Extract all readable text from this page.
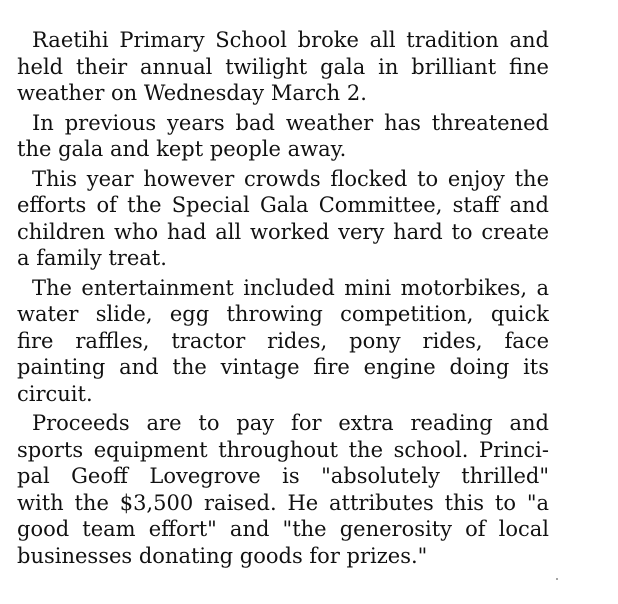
Raetihi Primary School broke all tradition and
held their annual twilight gala in brilliant fine
weather on Wednesday March 2.

In previous years bad weather has threatened
the gala and kept people away.

This year however crowds flocked to enjoy the
efforts of the Special Gala Committee, staff and
children who had all worked very hard to create
a family treat.

The entertainment included mini motorbikes, a
water slide, egg throwing competition, quick
fire raffles, tractor rides, pony rides, face
painting and the vintage fire engine doing its
circuit.

Proceeds are to pay for extra reading and
sports equipment throughout the school. Princi-
pal Geoff Lovegrove is "absolutely thrilled"
with the $3,500 raised. He attributes this to "a
good team effort" and "the generosity of local
businesses donating goods for prizes."
